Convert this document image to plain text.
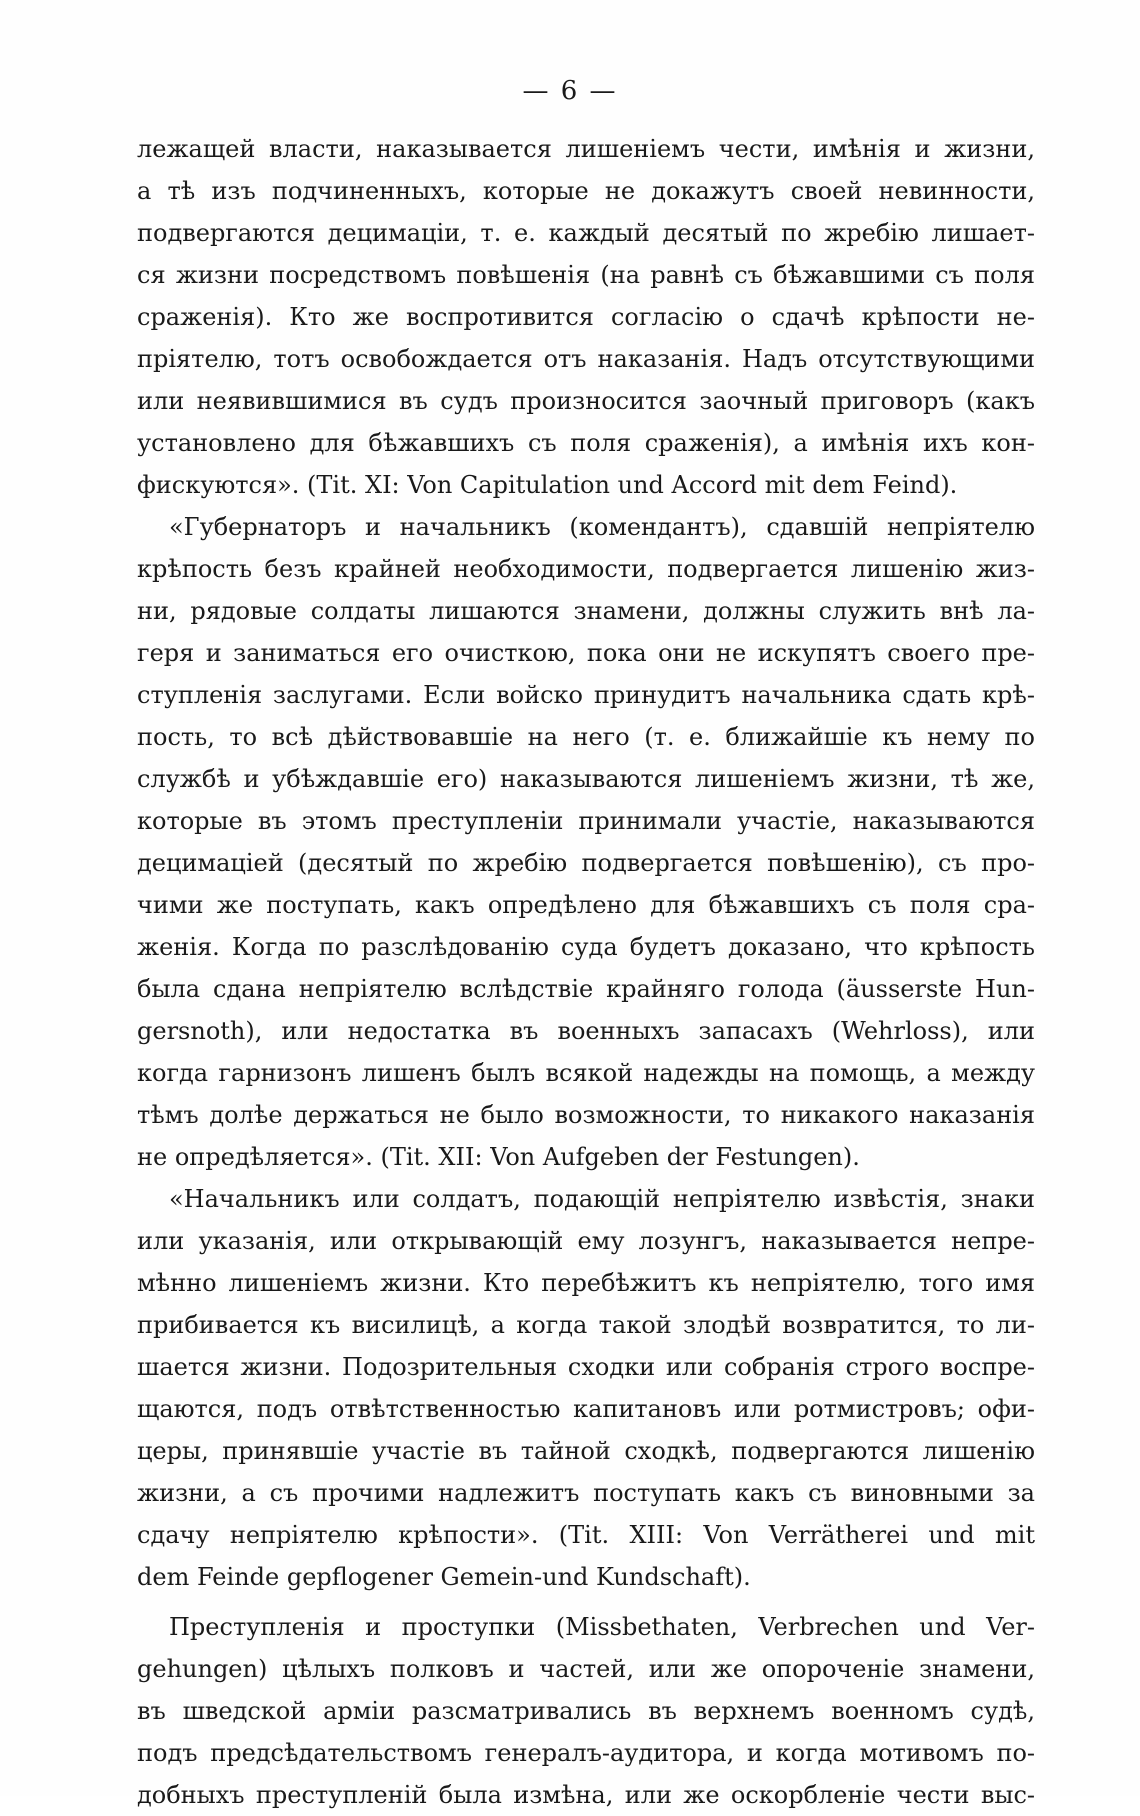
— 6 —
лежащей власти, наказывается лишеніемъ чести, имѣнія и жизни,
а тѣ изъ подчиненныхъ, которые не докажутъ своей невинности,
подвергаются децимаціи, т. е. каждый десятый по жребію лишает-
ся жизни посредствомъ повѣшенія (на равнѣ съ бѣжавшими съ поля
сраженія). Кто же воспротивится согласію о сдачѣ крѣпости не-
пріятелю, тотъ освобождается отъ наказанія. Надъ отсутствующими
или неявившимися въ судъ произносится заочный приговоръ (какъ
установлено для бѣжавшихъ съ поля сраженія), а имѣнія ихъ кон-
фискуются». (Tit. XI: Von Capitulation und Accord mit dem Feind).
«Губернаторъ и начальникъ (комендантъ), сдавшій непріятелю
крѣпость безъ крайней необходимости, подвергается лишенію жиз-
ни, рядовые солдаты лишаются знамени, должны служить внѣ ла-
геря и заниматься его очисткою, пока они не искупятъ своего пре-
ступленія заслугами. Если войско принудитъ начальника сдать крѣ-
пость, то всѣ дѣйствовавшіе на него (т. е. ближайшіе къ нему по
службѣ и убѣждавшіе его) наказываются лишеніемъ жизни, тѣ же,
которые въ этомъ преступленіи принимали участіе, наказываются
децимаціей (десятый по жребію подвергается повѣшенію), съ про-
чими же поступать, какъ опредѣлено для бѣжавшихъ съ поля сра-
женія. Когда по разслѣдованію суда будетъ доказано, что крѣпость
была сдана непріятелю вслѣдствіе крайняго голода (äusserste Hun-
gersnoth), или недостатка въ военныхъ запасахъ (Wehrloss), или
когда гарнизонъ лишенъ былъ всякой надежды на помощь, а между
тѣмъ долѣе держаться не было возможности, то никакого наказанія
не опредѣляется». (Tit. XII: Von Aufgeben der Festungen).
«Начальникъ или солдатъ, подающій непріятелю извѣстія, знаки
или указанія, или открывающій ему лозунгъ, наказывается непре-
мѣнно лишеніемъ жизни. Кто перебѣжитъ къ непріятелю, того имя
прибивается къ висилицѣ, а когда такой злодѣй возвратится, то ли-
шается жизни. Подозрительныя сходки или собранія строго воспре-
щаются, подъ отвѣтственностью капитановъ или ротмистровъ; офи-
церы, принявшіе участіе въ тайной сходкѣ, подвергаются лишенію
жизни, а съ прочими надлежитъ поступать какъ съ виновными за
сдачу непріятелю крѣпости». (Tit. XIII: Von Verrätherei und mit
dem Feinde gepflogener Gemein-und Kundschaft).
Преступленія и проступки (Missbethaten, Verbrechen und Ver-
gehungen) цѣлыхъ полковъ и частей, или же опороченіе знамени,
въ шведской арміи разсматривались въ верхнемъ военномъ судѣ,
подъ предсѣдательствомъ генералъ-аудитора, и когда мотивомъ по-
добныхъ преступленій была измѣна, или же оскорбленіе чести выс-
